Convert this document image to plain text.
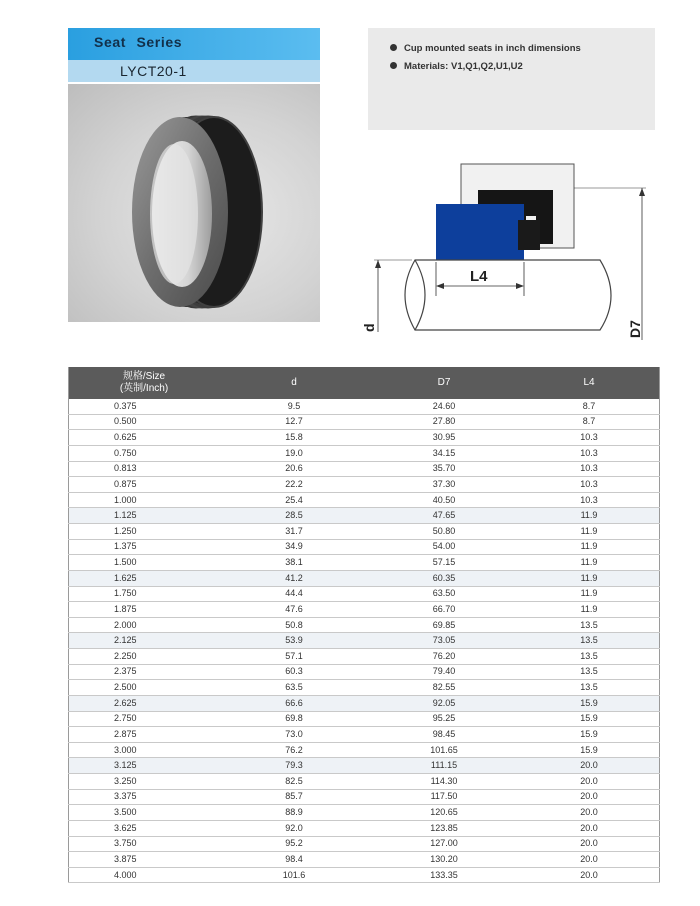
Seat Series
LYCT20-1
Cup mounted seats in inch dimensions
Materials: V1,Q1,Q2,U1,U2
L4
d	D7
规格/Size
(英制/Inch)	d	D7	L4
0.375	9.5	24.60	8.7
0.500	12.7	27.80	8.7
0.625	15.8	30.95	10.3
0.750	19.0	34.15	10.3
0.813	20.6	35.70	10.3
0.875	22.2	37.30	10.3
1.000	25.4	40.50	10.3
1.125	28.5	47.65	11.9
1.250	31.7	50.80	11.9
1.375	34.9	54.00	11.9
1.500	38.1	57.15	11.9
1.625	41.2	60.35	11.9
1.750	44.4	63.50	11.9
1.875	47.6	66.70	11.9
2.000	50.8	69.85	13.5
2.125	53.9	73.05	13.5
2.250	57.1	76.20	13.5
2.375	60.3	79.40	13.5
2.500	63.5	82.55	13.5
2.625	66.6	92.05	15.9
2.750	69.8	95.25	15.9
2.875	73.0	98.45	15.9
3.000	76.2	101.65	15.9
3.125	79.3	111.15	20.0
3.250	82.5	114.30	20.0
3.375	85.7	117.50	20.0
3.500	88.9	120.65	20.0
3.625	92.0	123.85	20.0
3.750	95.2	127.00	20.0
3.875	98.4	130.20	20.0
4.000	101.6	133.35	20.0
